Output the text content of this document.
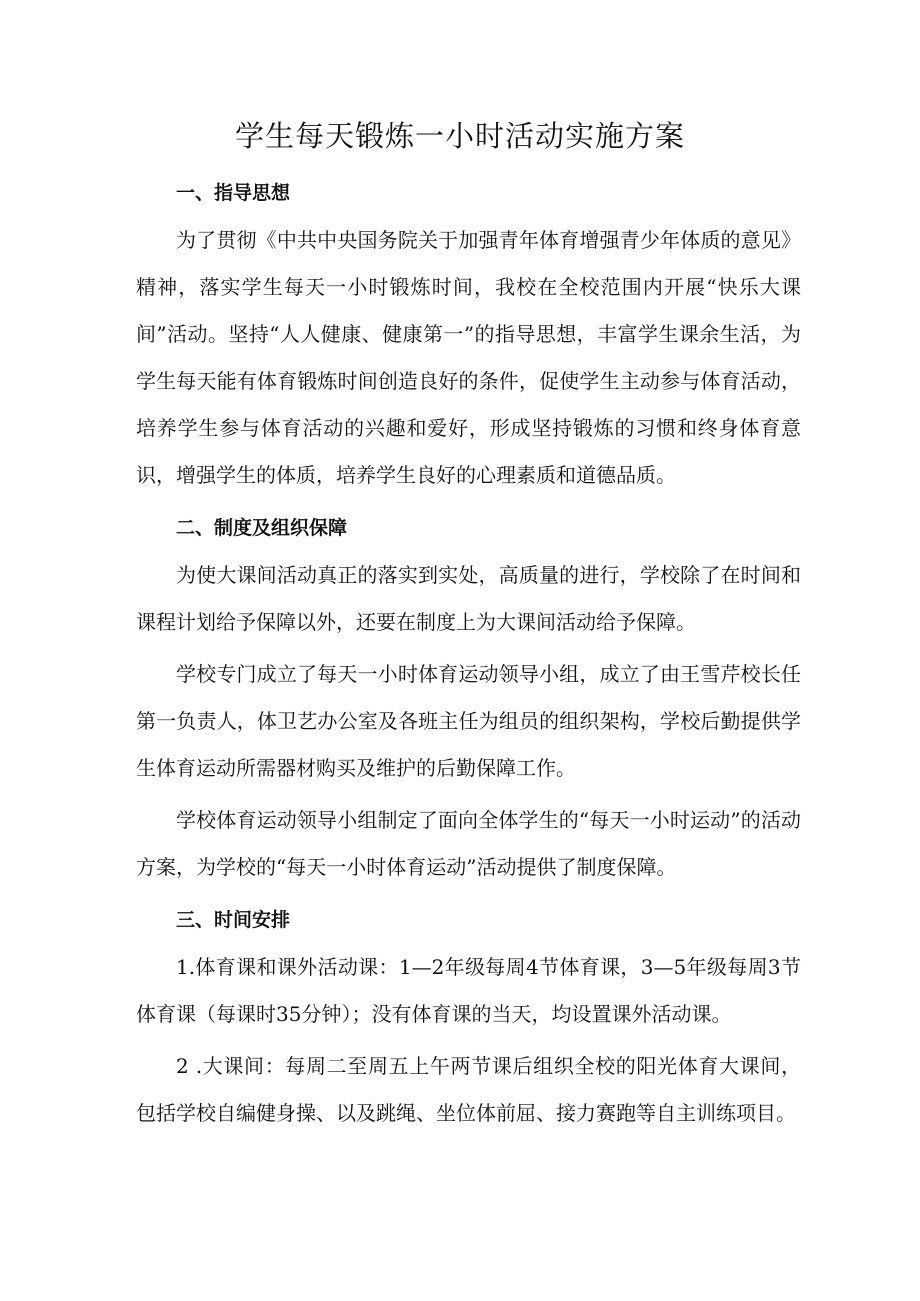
学生每天锻炼一小时活动实施方案
一、指导思想

为了贯彻《中共中央国务院关于加强青年体育增强青少年体质的意见》精神，落实学生每天一小时锻炼时间，我校在全校范围内开展“快乐大课间”活动。坚持“人人健康、健康第一”的指导思想，丰富学生课余生活，为学生每天能有体育锻炼时间创造良好的条件，促使学生主动参与体育活动，培养学生参与体育活动的兴趣和爱好，形成坚持锻炼的习惯和终身体育意识，增强学生的体质，培养学生良好的心理素质和道德品质。

二、制度及组织保障

为使大课间活动真正的落实到实处，高质量的进行，学校除了在时间和课程计划给予保障以外，还要在制度上为大课间活动给予保障。

学校专门成立了每天一小时体育运动领导小组，成立了由王雪芹校长任第一负责人，体卫艺办公室及各班主任为组员的组织架构，学校后勤提供学生体育运动所需器材购买及维护的后勤保障工作。

学校体育运动领导小组制定了面向全体学生的“每天一小时运动”的活动方案，为学校的“每天一小时体育运动”活动提供了制度保障。

三、时间安排

1.体育课和课外活动课：1—2年级每周4节体育课，3—5年级每周3节体育课（每课时35分钟）；没有体育课的当天，均设置课外活动课。

2 .大课间：每周二至周五上午两节课后组织全校的阳光体育大课间，包括学校自编健身操、以及跳绳、坐位体前屈、接力赛跑等自主训练项目。
